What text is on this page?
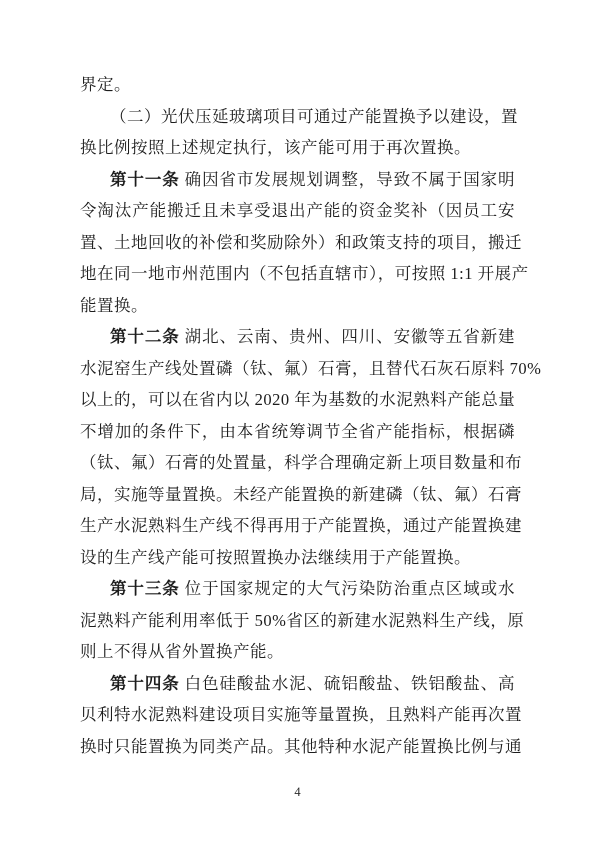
界定。
（二）光伏压延玻璃项目可通过产能置换予以建设，置
换比例按照上述规定执行，该产能可用于再次置换。
第十一条 确因省市发展规划调整，导致不属于国家明
令淘汰产能搬迁且未享受退出产能的资金奖补（因员工安
置、土地回收的补偿和奖励除外）和政策支持的项目，搬迁
地在同一地市州范围内（不包括直辖市），可按照 1:1 开展产
能置换。
第十二条 湖北、云南、贵州、四川、安徽等五省新建
水泥窑生产线处置磷（钛、氟）石膏，且替代石灰石原料 70%
以上的，可以在省内以 2020 年为基数的水泥熟料产能总量
不增加的条件下，由本省统筹调节全省产能指标，根据磷
（钛、氟）石膏的处置量，科学合理确定新上项目数量和布
局，实施等量置换。未经产能置换的新建磷（钛、氟）石膏
生产水泥熟料生产线不得再用于产能置换，通过产能置换建
设的生产线产能可按照置换办法继续用于产能置换。
第十三条 位于国家规定的大气污染防治重点区域或水
泥熟料产能利用率低于 50%省区的新建水泥熟料生产线，原
则上不得从省外置换产能。
第十四条 白色硅酸盐水泥、硫铝酸盐、铁铝酸盐、高
贝利特水泥熟料建设项目实施等量置换，且熟料产能再次置
换时只能置换为同类产品。其他特种水泥产能置换比例与通
4
